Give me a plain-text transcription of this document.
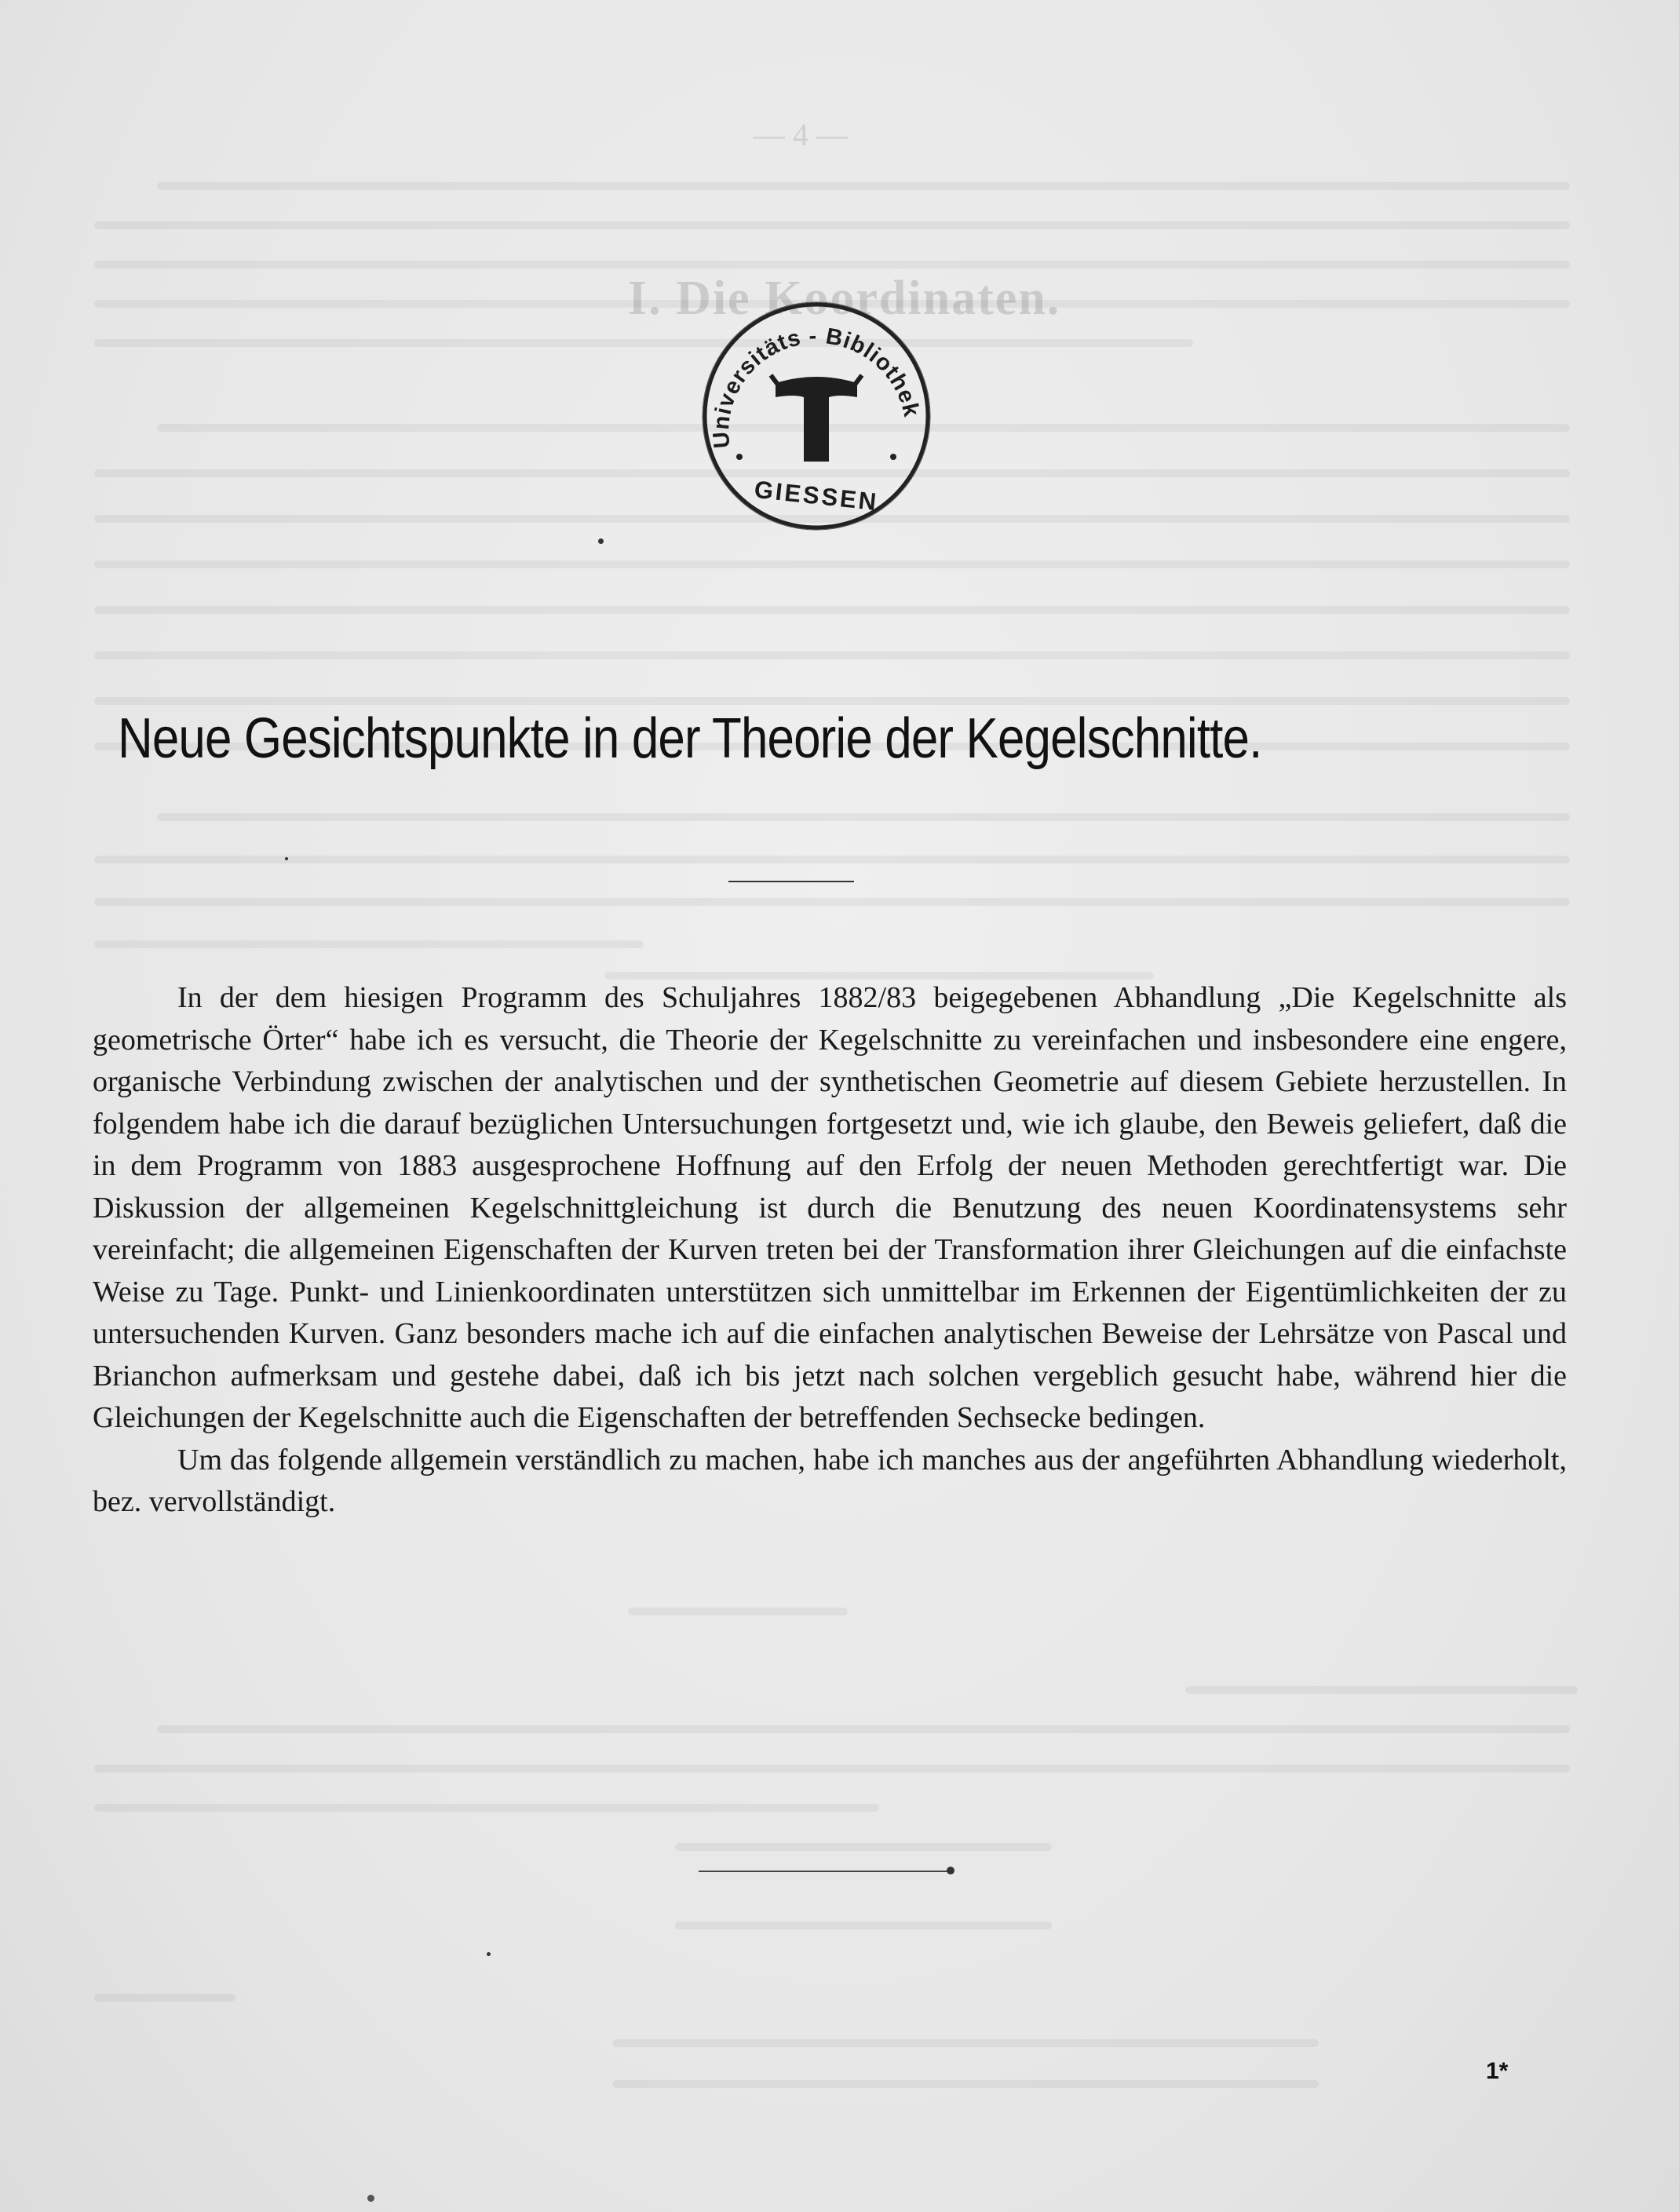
— 4 —
I. Die Koordinaten.
Neue Gesichtspunkte in der Theorie der Kegelschnitte.

In der dem hiesigen Programm des Schuljahres 1882/83 beigegebenen Abhandlung „Die Kegelschnitte als geometrische Örter“ habe ich es versucht, die Theorie der Kegelschnitte zu vereinfachen und insbesondere eine engere, organische Verbindung zwischen der analytischen und der synthetischen Geometrie auf diesem Gebiete herzustellen. In folgendem habe ich die darauf bezüglichen Untersuchungen fortgesetzt und, wie ich glaube, den Beweis geliefert, daß die in dem Programm von 1883 ausgesprochene Hoffnung auf den Erfolg der neuen Methoden gerechtfertigt war. Die Diskussion der allgemeinen Kegelschnittgleichung ist durch die Benutzung des neuen Koordinatensystems sehr vereinfacht; die allgemeinen Eigenschaften der Kurven treten bei der Transformation ihrer Gleichungen auf die einfachste Weise zu Tage. Punkt- und Linienkoordinaten unterstützen sich unmittelbar im Erkennen der Eigentümlichkeiten der zu untersuchenden Kurven. Ganz besonders mache ich auf die einfachen analytischen Beweise der Lehrsätze von Pascal und Brianchon aufmerksam und gestehe dabei, daß ich bis jetzt nach solchen vergeblich gesucht habe, während hier die Gleichungen der Kegelschnitte auch die Eigenschaften der betreffenden Sechsecke bedingen.

Um das folgende allgemein verständlich zu machen, habe ich manches aus der angeführten Abhandlung wiederholt, bez. vervollständigt.

1*
Universitäts - Bibliothek
GIESSEN
